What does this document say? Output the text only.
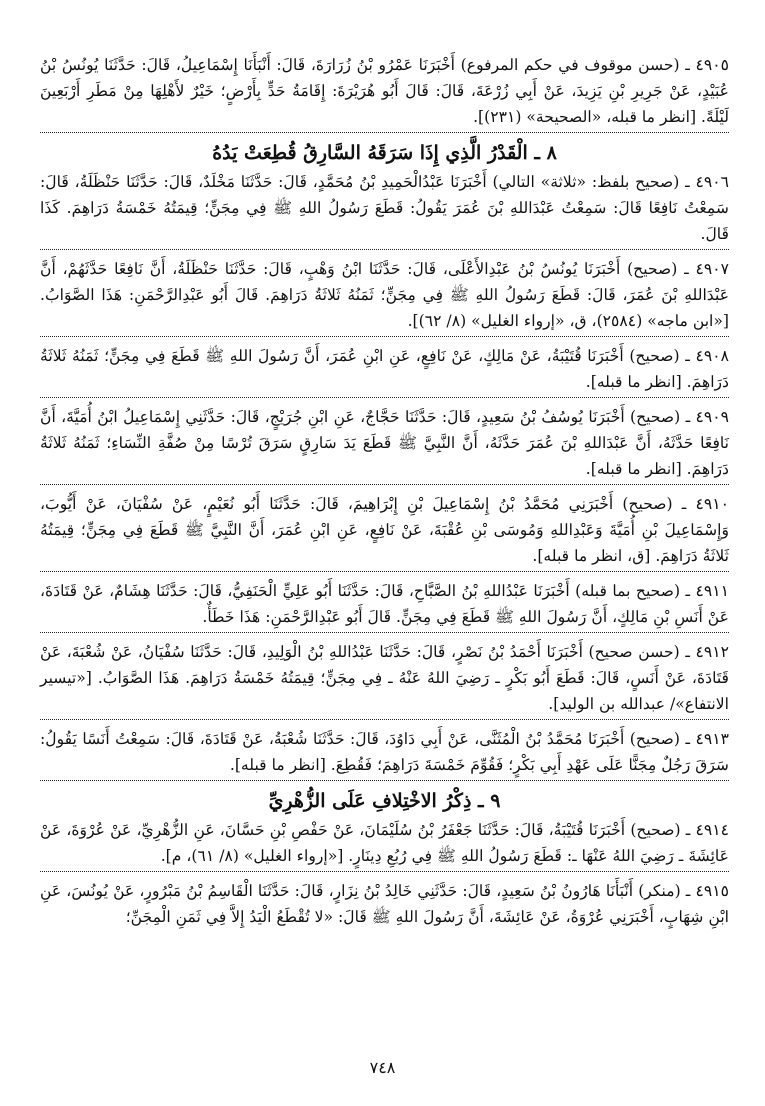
٤٩٠٥ ـ (حسن موقوف في حكم المرفوع) أَخْبَرَنَا عَمْرُو بْنُ زُرَارَةَ، قَالَ: أَنْبَأَنَا إِسْمَاعِيلُ، قَالَ: حَدَّثَنَا يُونُسُ بْنُ عُبَيْدٍ، عَنْ جَرِيرِ بْنِ يَزِيدَ، عَنْ أَبِي زُرْعَةَ، قَالَ: قَالَ أَبُو هُرَيْرَةَ: إِقَامَةُ حَدٍّ بِأَرْضٍ؛ خَيْرٌ لأَهْلِهَا مِنْ مَطَرِ أَرْبَعِينَ لَيْلَةً. [انظر ما قبله، «الصحيحة» (٢٣١)].

٨ ـ الْقَدْرُ الَّذِي إِذَا سَرَقَهُ السَّارِقُ قُطِعَتْ يَدُهُ

٤٩٠٦ ـ (صحيح بلفظ: «ثلاثة» التالي) أَخْبَرَنَا عَبْدُالْحَمِيدِ بْنُ مُحَمَّدٍ، قَالَ: حَدَّثَنَا مَخْلَدٌ، قَالَ: حَدَّثَنَا حَنْظَلَةُ، قَالَ: سَمِعْتُ نَافِعًا قَالَ: سَمِعْتُ عَبْدَاللهِ بْنَ عُمَرَ يَقُولُ: قَطَعَ رَسُولُ اللهِ ﷺ فِي مِجَنٍّ؛ قِيمَتُهُ خَمْسَةُ دَرَاهِمَ. كَذَا قَالَ.

٤٩٠٧ ـ (صحيح) أَخْبَرَنَا يُونُسُ بْنُ عَبْدِالأَعْلَى، قَالَ: حَدَّثَنَا ابْنُ وَهْبٍ، قَالَ: حَدَّثَنَا حَنْظَلَةُ، أَنَّ نَافِعًا حَدَّثَهُمْ، أَنَّ عَبْدَاللهِ بْنَ عُمَرَ، قَالَ: قَطَعَ رَسُولُ اللهِ ﷺ فِي مِجَنٍّ؛ ثَمَنُهُ ثَلاثَةُ دَرَاهِمَ. قَالَ أَبُو عَبْدِالرَّحْمَنِ: هَذَا الصَّوَابُ. [«ابن ماجه» (٢٥٨٤)، ق، «إرواء الغليل» (٨/ ٦٢)].

٤٩٠٨ ـ (صحيح) أَخْبَرَنَا قُتَيْبَةُ، عَنْ مَالِكٍ، عَنْ نَافِعٍ، عَنِ ابْنِ عُمَرَ، أَنَّ رَسُولَ اللهِ ﷺ قَطَعَ فِي مِجَنٍّ؛ ثَمَنُهُ ثَلاثَةُ دَرَاهِمَ. [انظر ما قبله].

٤٩٠٩ ـ (صحيح) أَخْبَرَنَا يُوسُفُ بْنُ سَعِيدٍ، قَالَ: حَدَّثَنَا حَجَّاجٌ، عَنِ ابْنِ جُرَيْجٍ، قَالَ: حَدَّثَنِي إِسْمَاعِيلُ ابْنُ أُمَيَّةَ، أَنَّ نَافِعًا حَدَّثَهُ، أَنَّ عَبْدَاللهِ بْنَ عُمَرَ حَدَّثَهُ، أَنَّ النَّبِيَّ ﷺ قَطَعَ يَدَ سَارِقٍ سَرَقَ تُرْسًا مِنْ صُفَّةِ النِّسَاءِ؛ ثَمَنُهُ ثَلاثَةُ دَرَاهِمَ. [انظر ما قبله].

٤٩١٠ ـ (صحيح) أَخْبَرَنِي مُحَمَّدُ بْنُ إِسْمَاعِيلَ بْنِ إِبْرَاهِيمَ، قَالَ: حَدَّثَنَا أَبُو نُعَيْمٍ، عَنْ سُفْيَانَ، عَنْ أَيُّوبَ، وَإِسْمَاعِيلَ بْنِ أُمَيَّةَ وَعَبْدِاللهِ وَمُوسَى بْنِ عُقْبَةَ، عَنْ نَافِعٍ، عَنِ ابْنِ عُمَرَ، أَنَّ النَّبِيَّ ﷺ قَطَعَ فِي مِجَنٍّ؛ قِيمَتُهُ ثَلاثَةُ دَرَاهِمَ. [ق، انظر ما قبله].

٤٩١١ ـ (صحيح بما قبله) أَخْبَرَنَا عَبْدُاللهِ بْنُ الصَّبَّاحِ، قَالَ: حَدَّثَنَا أَبُو عَلِيٍّ الْحَنَفِيُّ، قَالَ: حَدَّثَنَا هِشَامٌ، عَنْ قَتَادَةَ، عَنْ أَنَسِ بْنِ مَالِكٍ، أَنَّ رَسُولَ اللهِ ﷺ قَطَعَ فِي مِجَنٍّ. قَالَ أَبُو عَبْدِالرَّحْمَنِ: هَذَا خَطَأٌ.

٤٩١٢ ـ (حسن صحيح) أَخْبَرَنَا أَحْمَدُ بْنُ نَصْرٍ، قَالَ: حَدَّثَنَا عَبْدُاللهِ بْنُ الْوَلِيدِ، قَالَ: حَدَّثَنَا سُفْيَانُ، عَنْ شُعْبَةَ، عَنْ قَتَادَةَ، عَنْ أَنَسٍ، قَالَ: قَطَعَ أَبُو بَكْرٍ ـ رَضِيَ اللهُ عَنْهُ ـ فِي مِجَنٍّ؛ قِيمَتُهُ خَمْسَةُ دَرَاهِمَ. هَذَا الصَّوَابُ. [«تيسير الانتفاع»/ عبدالله بن الوليد].

٤٩١٣ ـ (صحيح) أَخْبَرَنَا مُحَمَّدُ بْنُ الْمُثَنَّى، عَنْ أَبِي دَاوُدَ، قَالَ: حَدَّثَنَا شُعْبَةُ، عَنْ قَتَادَةَ، قَالَ: سَمِعْتُ أَنَسًا يَقُولُ: سَرَقَ رَجُلٌ مِجَنًّا عَلَى عَهْدِ أَبِي بَكْرٍ؛ فَقُوِّمَ خَمْسَةَ دَرَاهِمَ؛ فَقُطِعَ. [انظر ما قبله].

٩ ـ ذِكْرُ الاخْتِلافِ عَلَى الزُّهْرِيِّ

٤٩١٤ ـ (صحيح) أَخْبَرَنَا قُتَيْبَةُ، قَالَ: حَدَّثَنَا جَعْفَرُ بْنُ سُلَيْمَانَ، عَنْ حَفْصِ بْنِ حَسَّانَ، عَنِ الزُّهْرِيِّ، عَنْ عُرْوَةَ، عَنْ عَائِشَةَ ـ رَضِيَ اللهُ عَنْهَا ـ: قَطَعَ رَسُولُ اللهِ ﷺ فِي رُبُعِ دِينَارٍ. [«إرواء الغليل» (٨/ ٦١)، م].

٤٩١٥ ـ (منكر) أَنْبَأَنَا هَارُونُ بْنُ سَعِيدٍ، قَالَ: حَدَّثَنِي خَالِدُ بْنُ نِزَارٍ، قَالَ: حَدَّثَنَا الْقَاسِمُ بْنُ مَبْرُورٍ، عَنْ يُونُسَ، عَنِ ابْنِ شِهَابٍ، أَخْبَرَنِي عُرْوَةُ، عَنْ عَائِشَةَ، أَنَّ رَسُولَ اللهِ ﷺ قَالَ: «لا تُقْطَعُ الْيَدُ إِلاَّ فِي ثَمَنِ الْمِجَنِّ؛

٧٤٨
